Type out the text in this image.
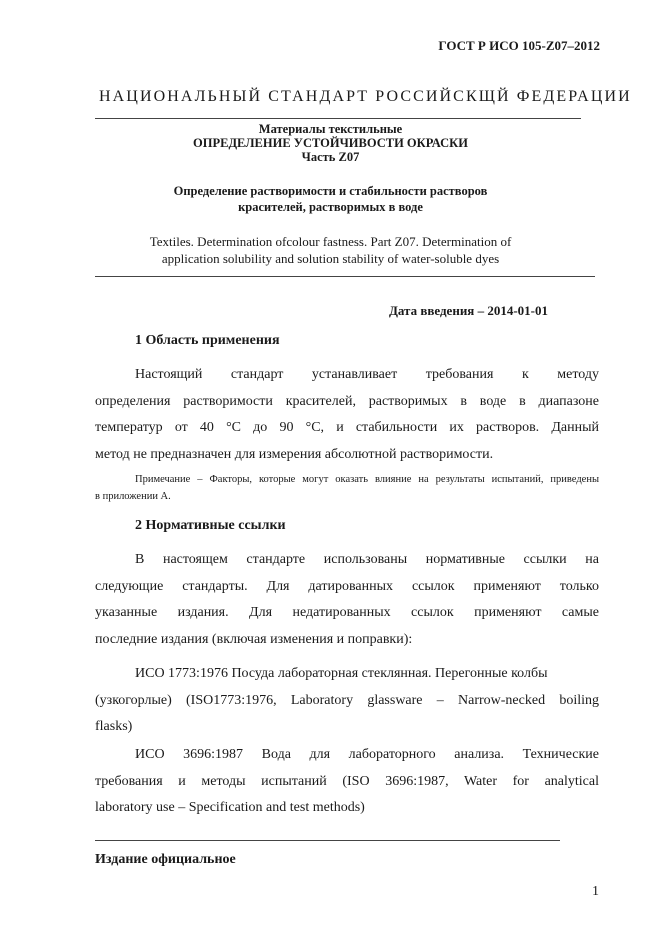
ГОСТ Р ИСО 105-Z07–2012
НАЦИОНАЛЬНЫЙ СТАНДАРТ РОССИЙСКЩЙ ФЕДЕРАЦИИ
Материалы текстильные
ОПРЕДЕЛЕНИЕ УСТОЙЧИВОСТИ ОКРАСКИ
Часть Z07
Определение растворимости и стабильности растворов
красителей, растворимых в воде
Textiles. Determination ofcolour fastness. Part Z07. Determination of
application solubility and solution stability of water-soluble dyes
Дата введения – 2014-01-01
1 Область применения
Настоящий стандарт устанавливает требования к методу
определения растворимости красителей, растворимых в воде в диапазоне
температур от 40 °С до 90 °С, и стабильности их растворов. Данный
метод не предназначен для измерения абсолютной растворимости.
Примечание – Факторы, которые могут оказать влияние на результаты испытаний, приведены
в приложении А.
2 Нормативные ссылки
В настоящем стандарте использованы нормативные ссылки на
следующие стандарты. Для датированных ссылок применяют только
указанные издания. Для недатированных ссылок применяют самые
последние издания (включая изменения и поправки):
ИСО 1773:1976 Посуда лабораторная стеклянная. Перегонные колбы
(узкогорлые) (ISO1773:1976, Laboratory glassware – Narrow-necked boiling
flasks)
ИСО 3696:1987 Вода для лабораторного анализа. Технические
требования и методы испытаний (ISO 3696:1987, Water for analytical
laboratory use – Specification and test methods)
Издание официальное
1
